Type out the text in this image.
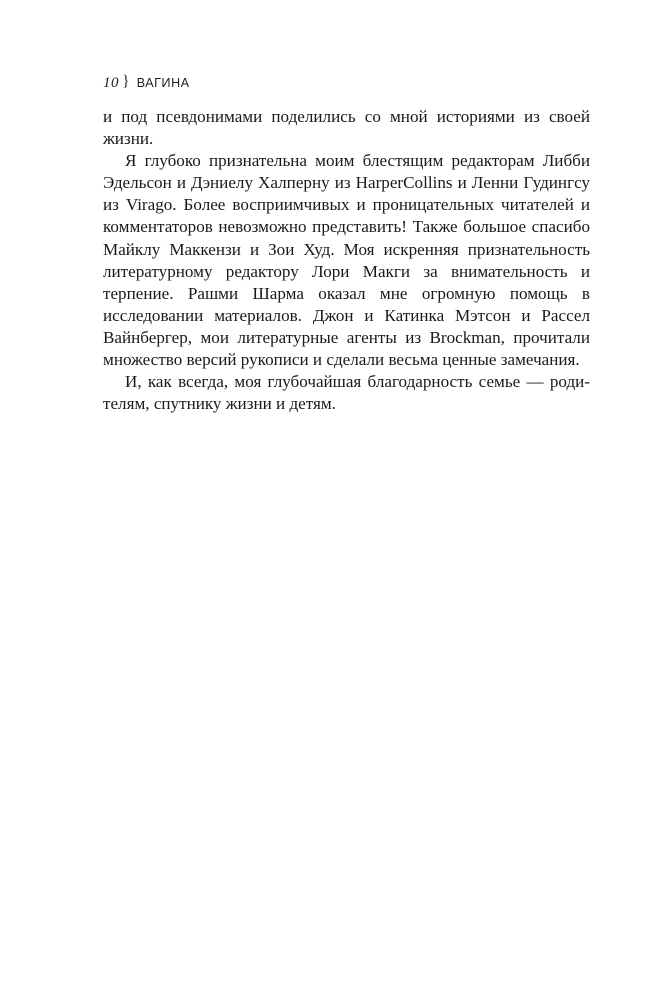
10 } ВАГИНА

и под псевдонимами поделились со мной историями из своей жизни.

Я глубоко признательна моим блестящим редакторам Либби Эдельсон и Дэниелу Халперну из HarperCollins и Ленни Гудингсу из Virago. Более восприимчивых и проницательных читателей и комментаторов невозможно представить! Также большое спасибо Майклу Маккензи и Зои Худ. Моя искренняя признательность литературному редактору Лори Макги за внимательность и терпение. Рашми Шарма оказал мне огромную помощь в исследовании материалов. Джон и Катинка Мэтсон и Рассел Вайнбергер, мои литературные агенты из Brockman, прочитали множество версий рукописи и сделали весьма ценные замечания.

И, как всегда, моя глубочайшая благодарность семье — родителям, спутнику жизни и детям.
